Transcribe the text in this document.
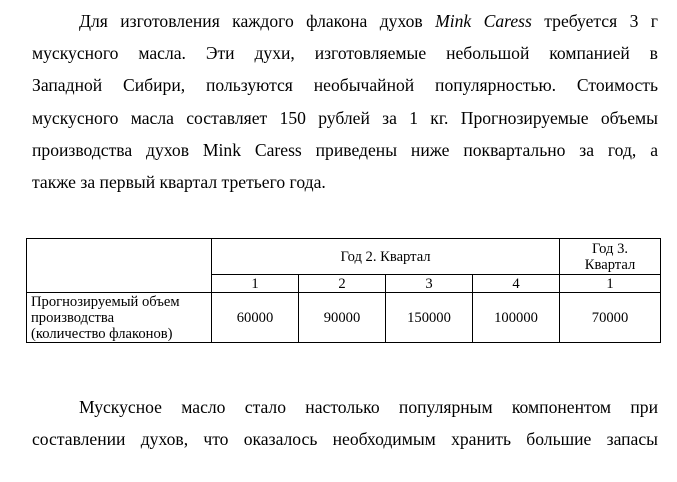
Для изготовления каждого флакона духов Mink Caress требуется 3 г
мускусного масла. Эти духи, изготовляемые небольшой компанией в
Западной Сибири, пользуются необычайной популярностью. Стоимость
мускусного масла составляет 150 рублей за 1 кг. Прогнозируемые объемы
производства духов Mink Caress приведены ниже поквартально за год, а
также за первый квартал третьего года.
	Год 2. Квартал				Год 3.
Квартал
	1	2	3	4	1
Прогнозируемый объем
производства
(количество флаконов)	60000	90000	150000	100000	70000
Мускусное масло стало настолько популярным компонентом при
составлении духов, что оказалось необходимым хранить большие запасы
